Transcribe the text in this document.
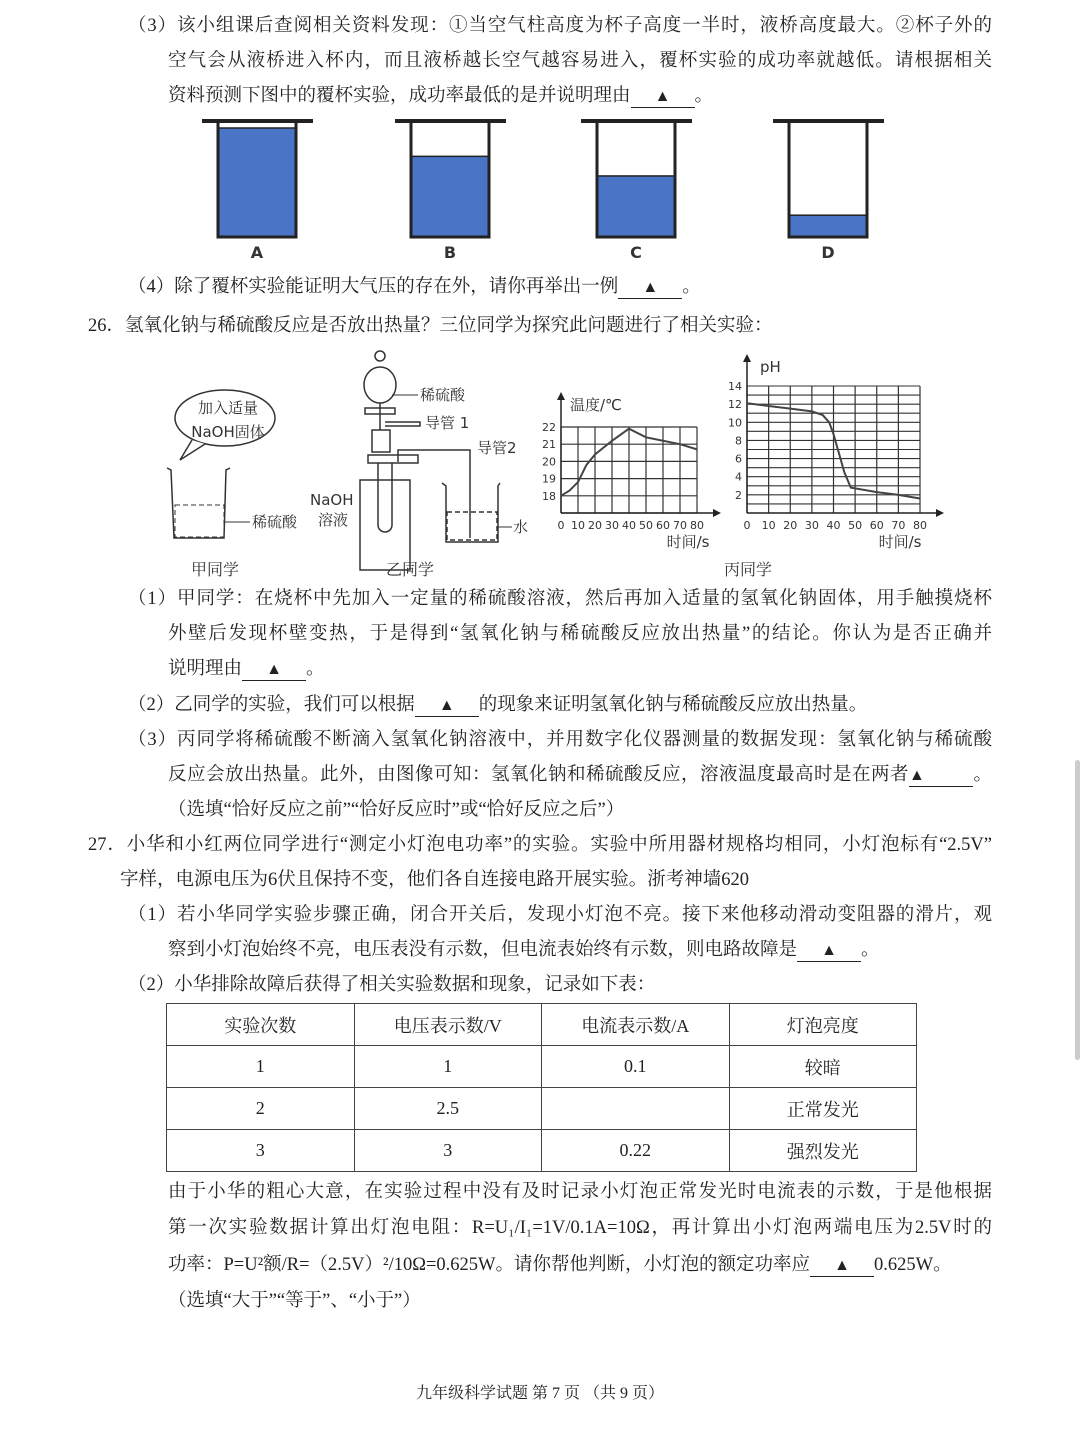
（3）该小组课后查阅相关资料发现：①当空气柱高度为杯子高度一半时，液桥高度最大。②杯子外的
空气会从液桥进入杯内，而且液桥越长空气越容易进入，覆杯实验的成功率就越低。请根据相关
资料预测下图中的覆杯实验，成功率最低的是并说明理由 ▲ 。
（4）除了覆杯实验能证明大气压的存在外，请你再举出一例 ▲ 。
26．氢氧化钠与稀硫酸反应是否放出热量？三位同学为探究此问题进行了相关实验：
（1）甲同学：在烧杯中先加入一定量的稀硫酸溶液，然后再加入适量的氢氧化钠固体，用手触摸烧杯
外壁后发现杯壁变热，于是得到“氢氧化钠与稀硫酸反应放出热量”的结论。你认为是否正确并
说明理由 ▲ 。
（2）乙同学的实验，我们可以根据 ▲ 的现象来证明氢氧化钠与稀硫酸反应放出热量。
（3）丙同学将稀硫酸不断滴入氢氧化钠溶液中，并用数字化仪器测量的数据发现：氢氧化钠与稀硫酸
反应会放出热量。此外，由图像可知：氢氧化钠和稀硫酸反应，溶液温度最高时是在两者▲	。
（选填“恰好反应之前”“恰好反应时”或“恰好反应之后”）
27．小华和小红两位同学进行“测定小灯泡电功率”的实验。实验中所用器材规格均相同，小灯泡标有“2.5V”
字样，电源电压为6伏且保持不变，他们各自连接电路开展实验。浙考神墙620
（1）若小华同学实验步骤正确，闭合开关后，发现小灯泡不亮。接下来他移动滑动变阻器的滑片，观
察到小灯泡始终不亮，电压表没有示数，但电流表始终有示数，则电路故障是 ▲ 。
（2）小华排除故障后获得了相关实验数据和现象，记录如下表：
由于小华的粗心大意，在实验过程中没有及时记录小灯泡正常发光时电流表的示数，于是他根据
第一次实验数据计算出灯泡电阻：R=U₁/I₁=1V/0.1A=10Ω，再计算出小灯泡两端电压为2.5V时的
功率：P=U²额/R=（2.5V）²/10Ω=0.625W。请你帮他判断，小灯泡的额定功率应 ▲ 0.625W。
（选填“大于”“等于”、“小于”）
A	B	C	D
加入适量
NaOH固体
稀硫酸
甲同学
稀硫酸
导管 1
导管2
NaOH
溶液	水
乙同学	丙同学
0 10 20 30 40 50 60 70 80
18
19
20
21
22
温度/℃
时间/s
0 10 20 30 40 50 60 70 80
2
4
6
8
10
12
14
pH
时间/s
实验次数	电压表示数/V	电流表示数/A	灯泡亮度
1	1	0.1	较暗
2	2.5		正常发光
3	3	0.22	强烈发光
九年级科学试题 第 7 页 （共 9 页）
